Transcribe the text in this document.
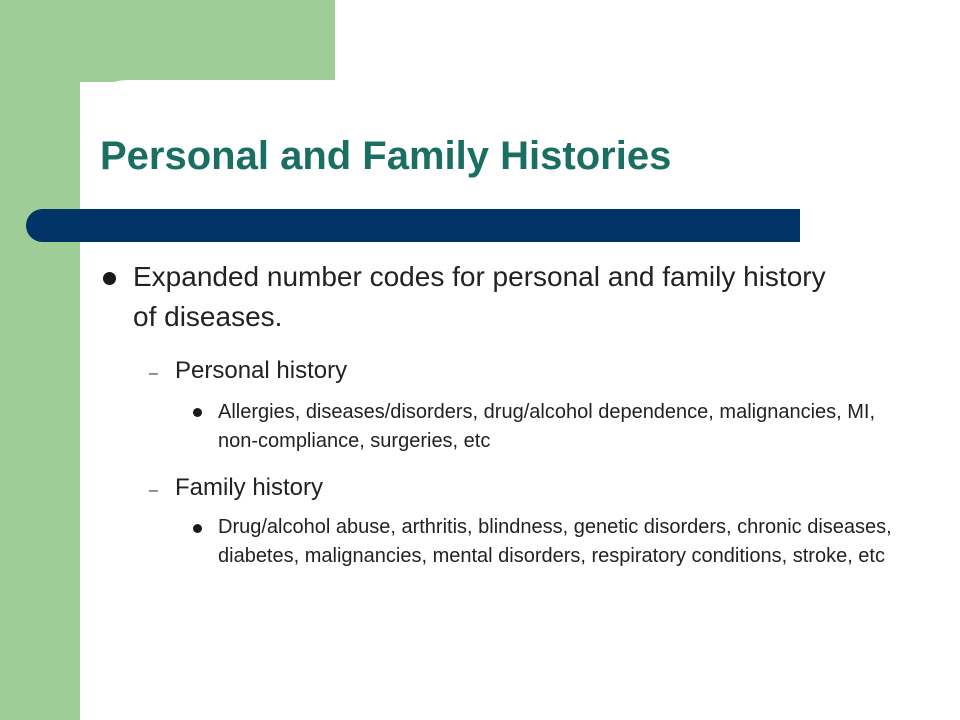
Personal and Family Histories
Expanded number codes for personal and family history of diseases.
– Personal history
Allergies, diseases/disorders, drug/alcohol dependence, malignancies, MI, non-compliance, surgeries, etc
– Family history
Drug/alcohol abuse, arthritis, blindness, genetic disorders, chronic diseases, diabetes, malignancies, mental disorders, respiratory conditions, stroke, etc
